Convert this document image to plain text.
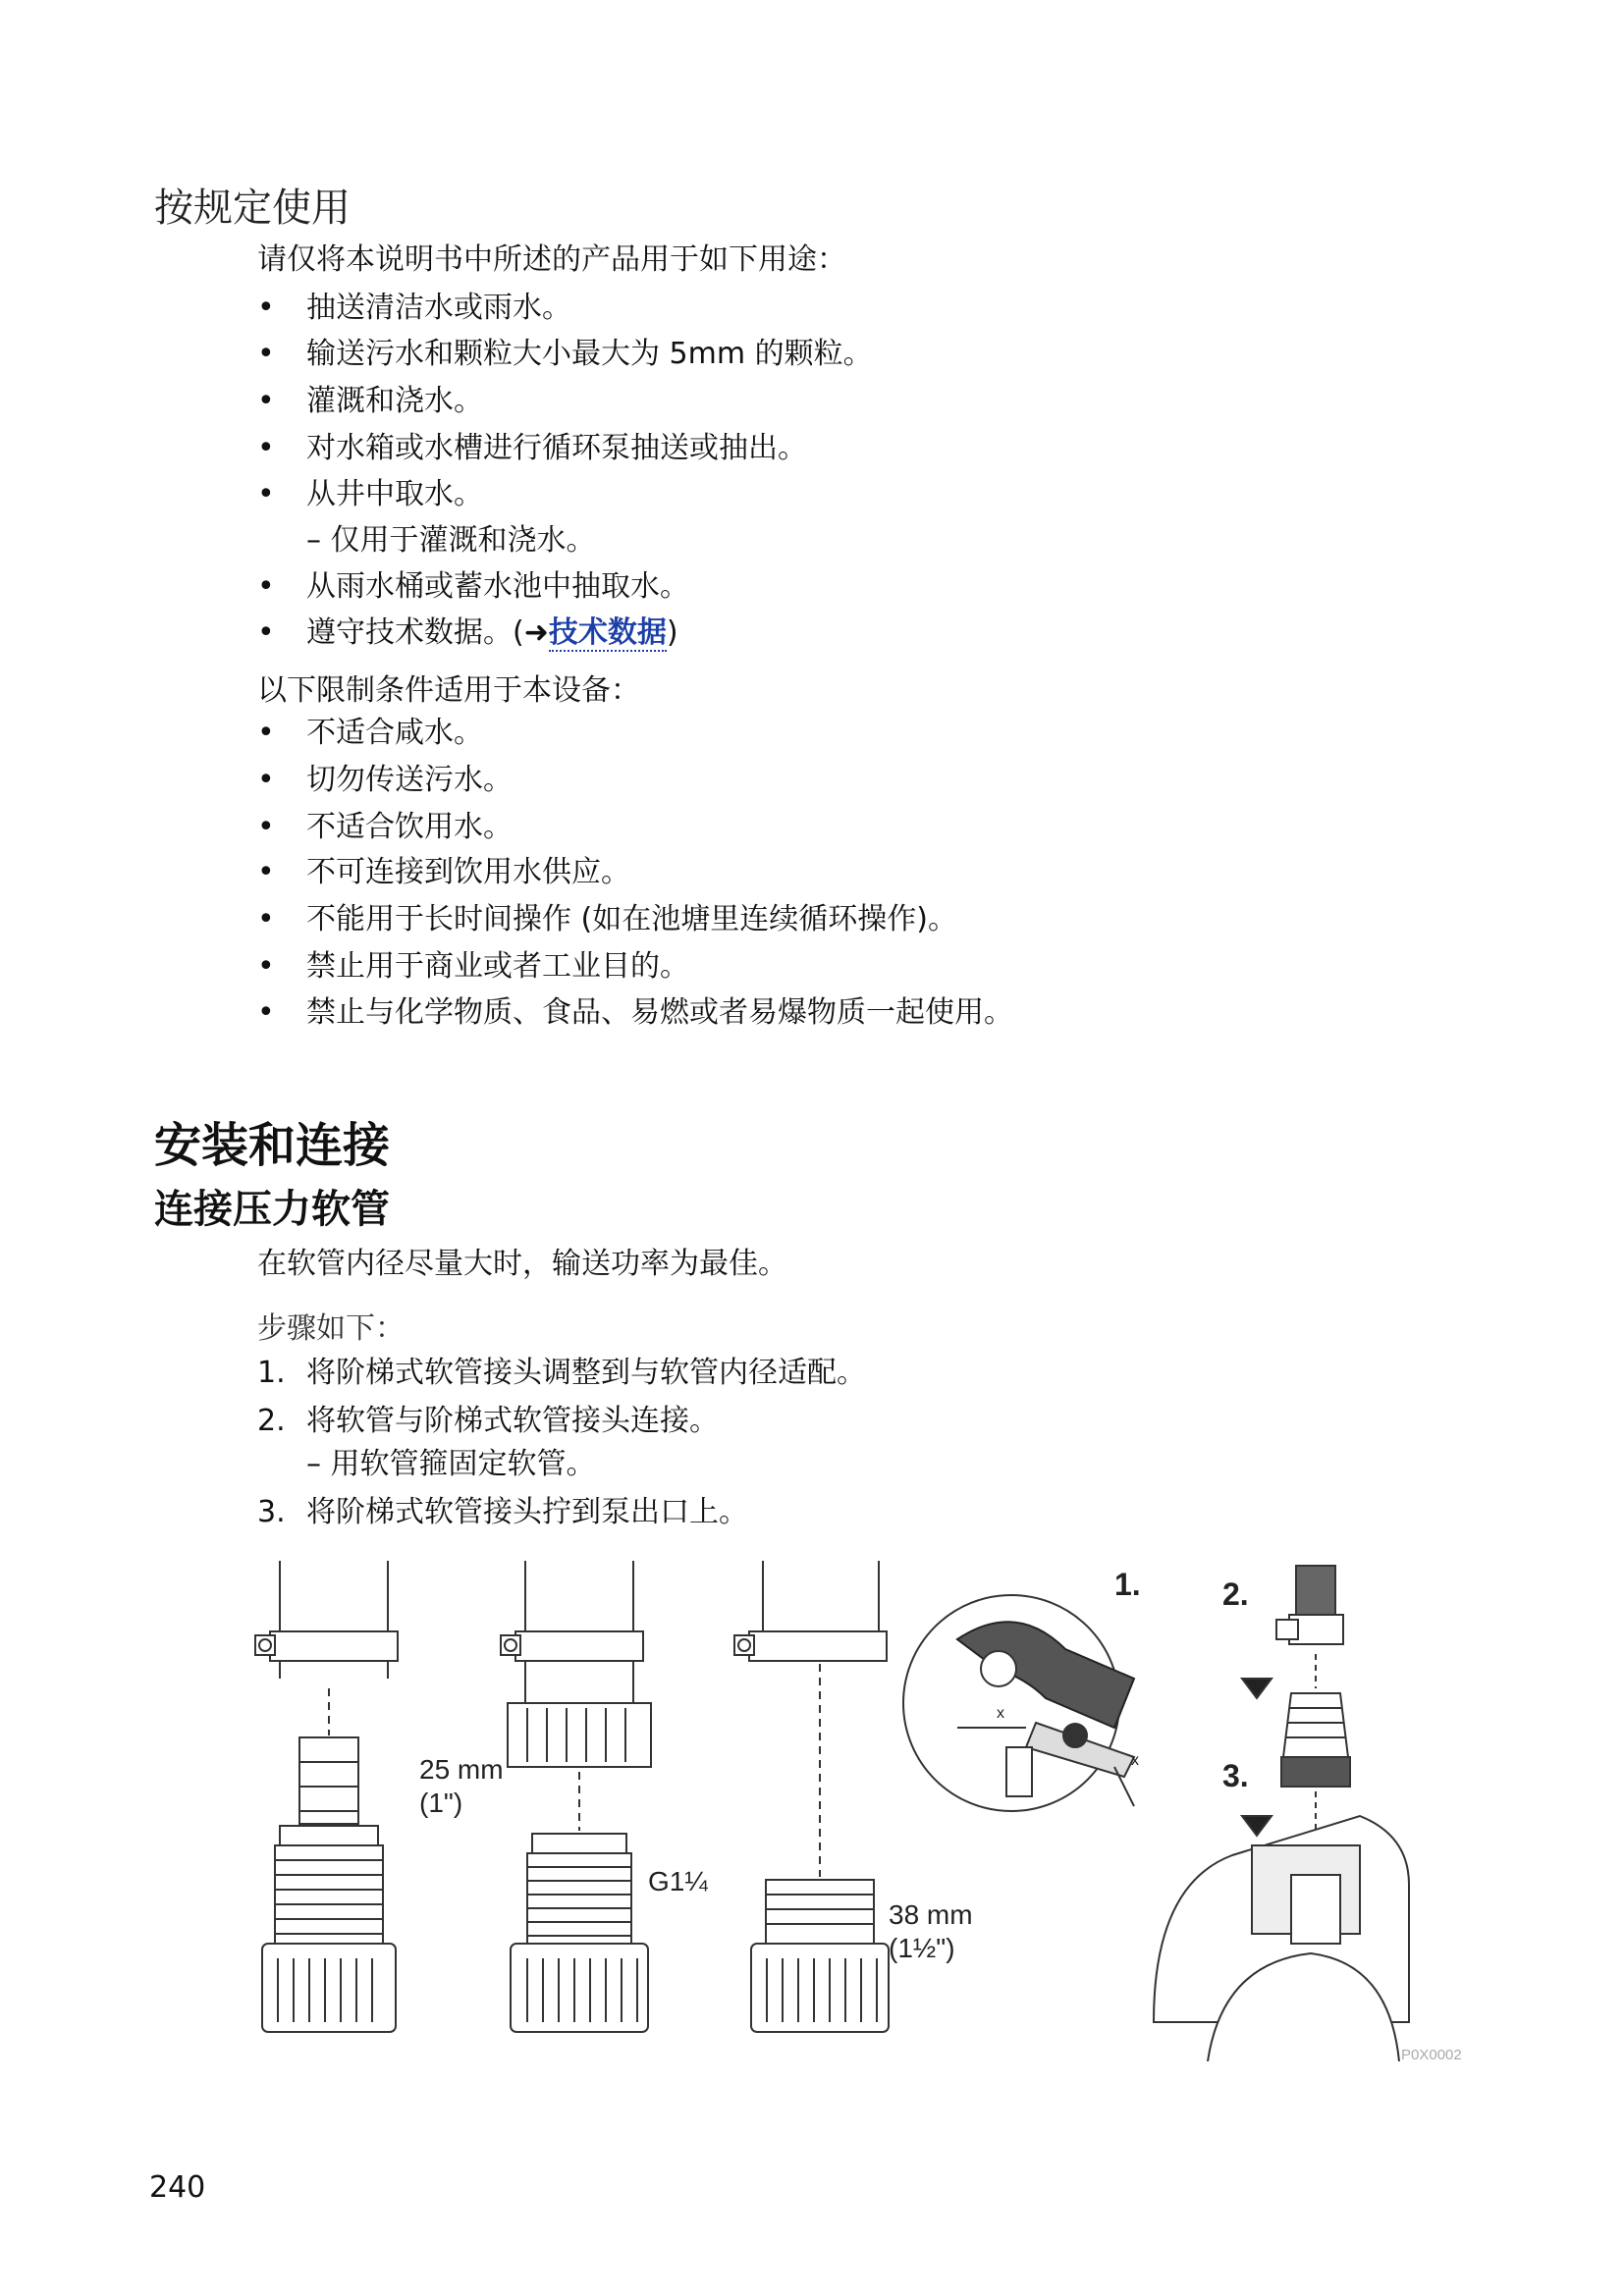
按规定使用
请仅将本说明书中所述的产品用于如下用途：
•	抽送清洁水或雨水。
•	输送污水和颗粒大小最大为 5mm 的颗粒。
•	灌溉和浇水。
•	对水箱或水槽进行循环泵抽送或抽出。
•	从井中取水。
– 仅用于灌溉和浇水。
•	从雨水桶或蓄水池中抽取水。
•	遵守技术数据。(➜技术数据)
以下限制条件适用于本设备：
•	不适合咸水。
•	切勿传送污水。
•	不适合饮用水。
•	不可连接到饮用水供应。
•	不能用于长时间操作 (如在池塘里连续循环操作)。
•	禁止用于商业或者工业目的。
•	禁止与化学物质、食品、易燃或者易爆物质一起使用。
安装和连接
连接压力软管
在软管内径尽量大时，输送功率为最佳。
步骤如下：
1. 将阶梯式软管接头调整到与软管内径适配。
2. 将软管与阶梯式软管接头连接。
– 用软管箍固定软管。
3. 将阶梯式软管接头拧到泵出口上。
25 mm
(1")
G1¼
38 mm
(1½")
1.	2.
3.
x
x
P0X0002
240
